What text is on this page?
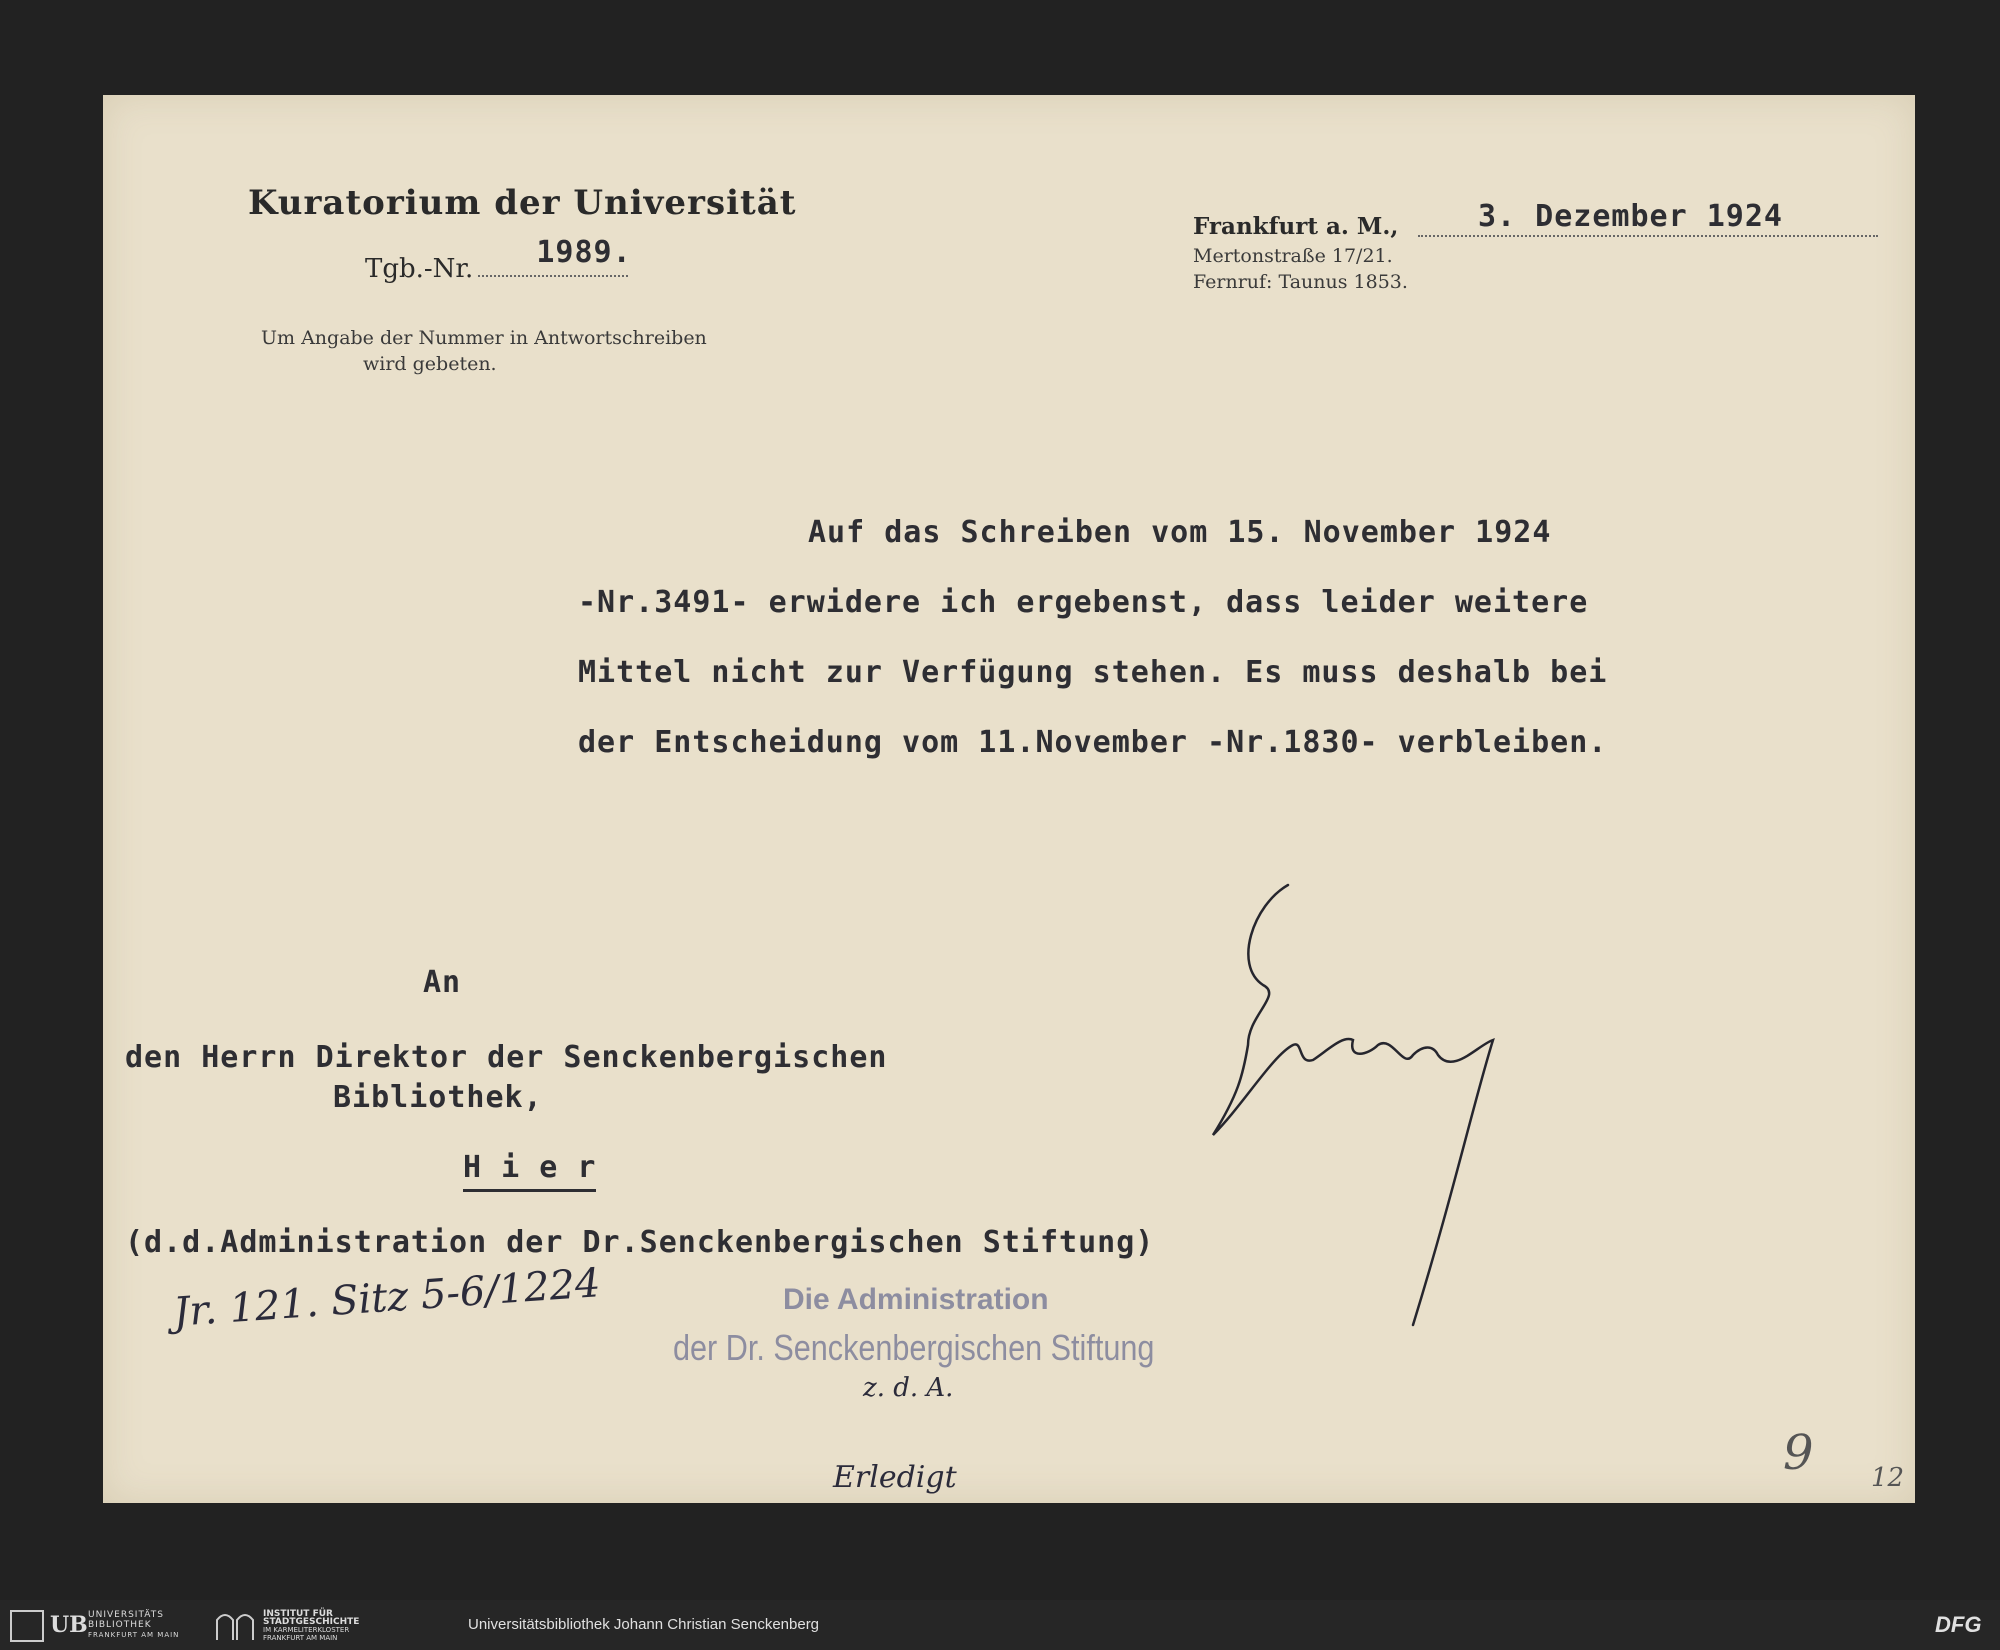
Kuratorium der Universität
Tgb.-Nr. 1989.
Um Angabe der Nummer in Antwortschreiben
wird gebeten.
Frankfurt a. M.,	3. Dezember 1924
Mertonstraße 17/21.
Fernruf: Taunus 1853.
Auf das Schreiben vom 15. November 1924
-Nr.3491- erwidere ich ergebenst, dass leider weitere
Mittel nicht zur Verfügung stehen. Es muss deshalb bei
der Entscheidung vom 11.November -Nr.1830- verbleiben.
An
den Herrn Direktor der Senckenbergischen
Bibliothek,
H i e r
(d.d.Administration der Dr.Senckenbergischen Stiftung)
Jr. 121. Sitz 5-6/1224	Die Administration
der Dr. Senckenbergischen Stiftung
z. d. A.
Erledigt	9 12
UB UNIVERSITÄTS
BIBLIOTHEK
FRANKFURT AM MAIN
INSTITUT FÜR
STADTGESCHICHTE
IM KARMELITERKLOSTER
FRANKFURT AM MAIN
Universitätsbibliothek Johann Christian Senckenberg	DFG
